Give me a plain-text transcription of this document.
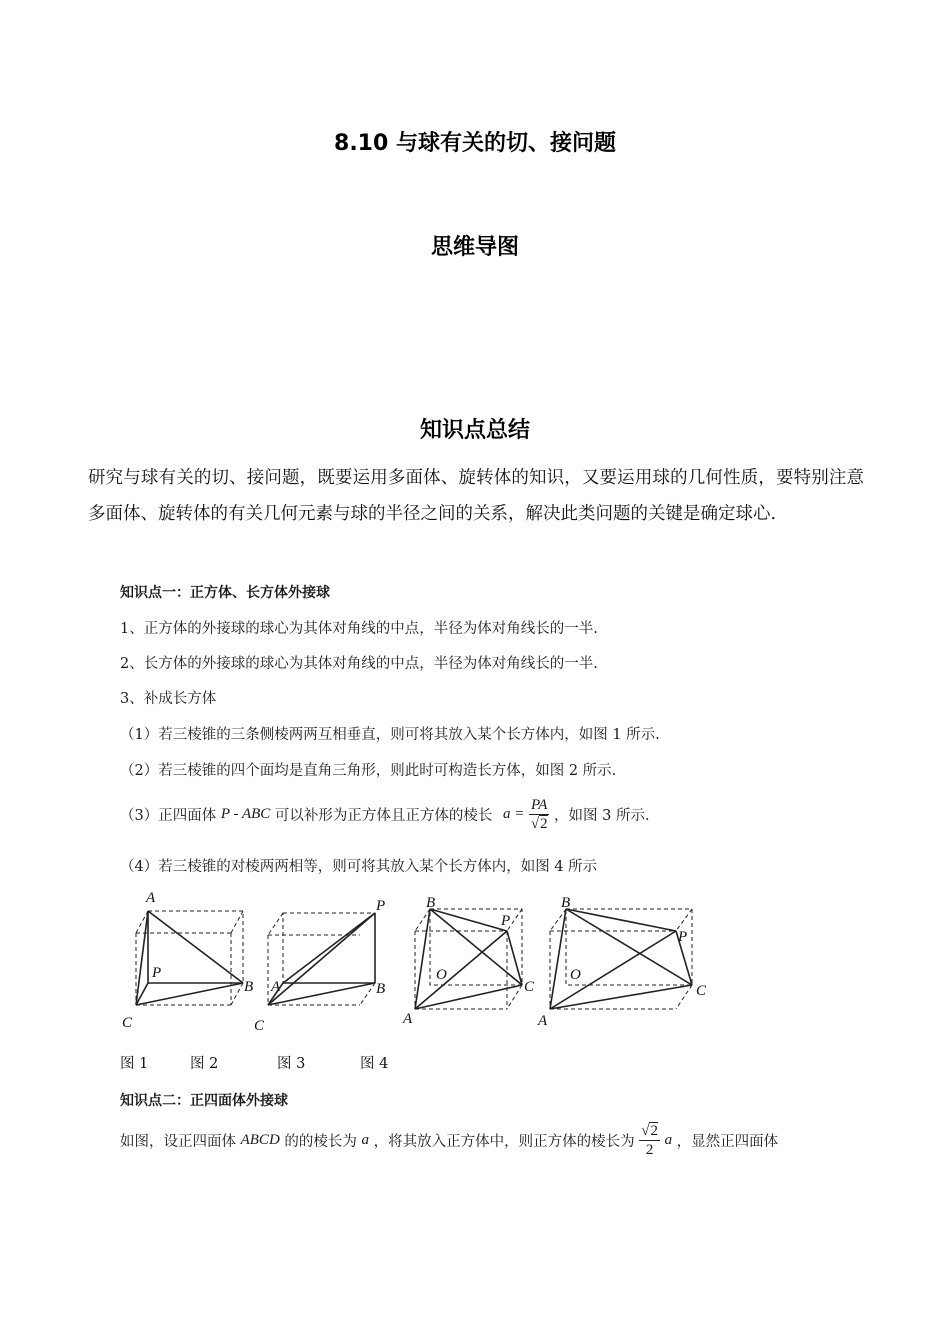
8.10 与球有关的切、接问题
思维导图
知识点总结
研究与球有关的切、接问题，既要运用多面体、旋转体的知识，又要运用球的几何性质，要特别注意多面体、旋转体的有关几何元素与球的半径之间的关系，解决此类问题的关键是确定球心.
知识点一：正方体、长方体外接球
1、正方体的外接球的球心为其体对角线的中点，半径为体对角线长的一半.
2、长方体的外接球的球心为其体对角线的中点，半径为体对角线长的一半.
3、补成长方体
（1）若三棱锥的三条侧棱两两互相垂直，则可将其放入某个长方体内，如图 1 所示.
（2）若三棱锥的四个面均是直角三角形，则此时可构造长方体，如图 2 所示.
（3）正四面体 P - ABC 可以补形为正方体且正方体的棱长 $a = \frac{PA}{√2}$ ，如图 3 所示.
（4）若三棱锥的对棱两两相等，则可将其放入某个长方体内，如图 4 所示
A
P
B
C
P
A	B
C
B
P
O
C
A
B
P
O
C
A
图 1	图 2	图 3	图 4
知识点二：正四面体外接球
如图，设正四面体 ABCD 的的棱长为 a ，将其放入正方体中，则正方体的棱长为 $\frac{√2}{2}$ a ，显然正四面体
